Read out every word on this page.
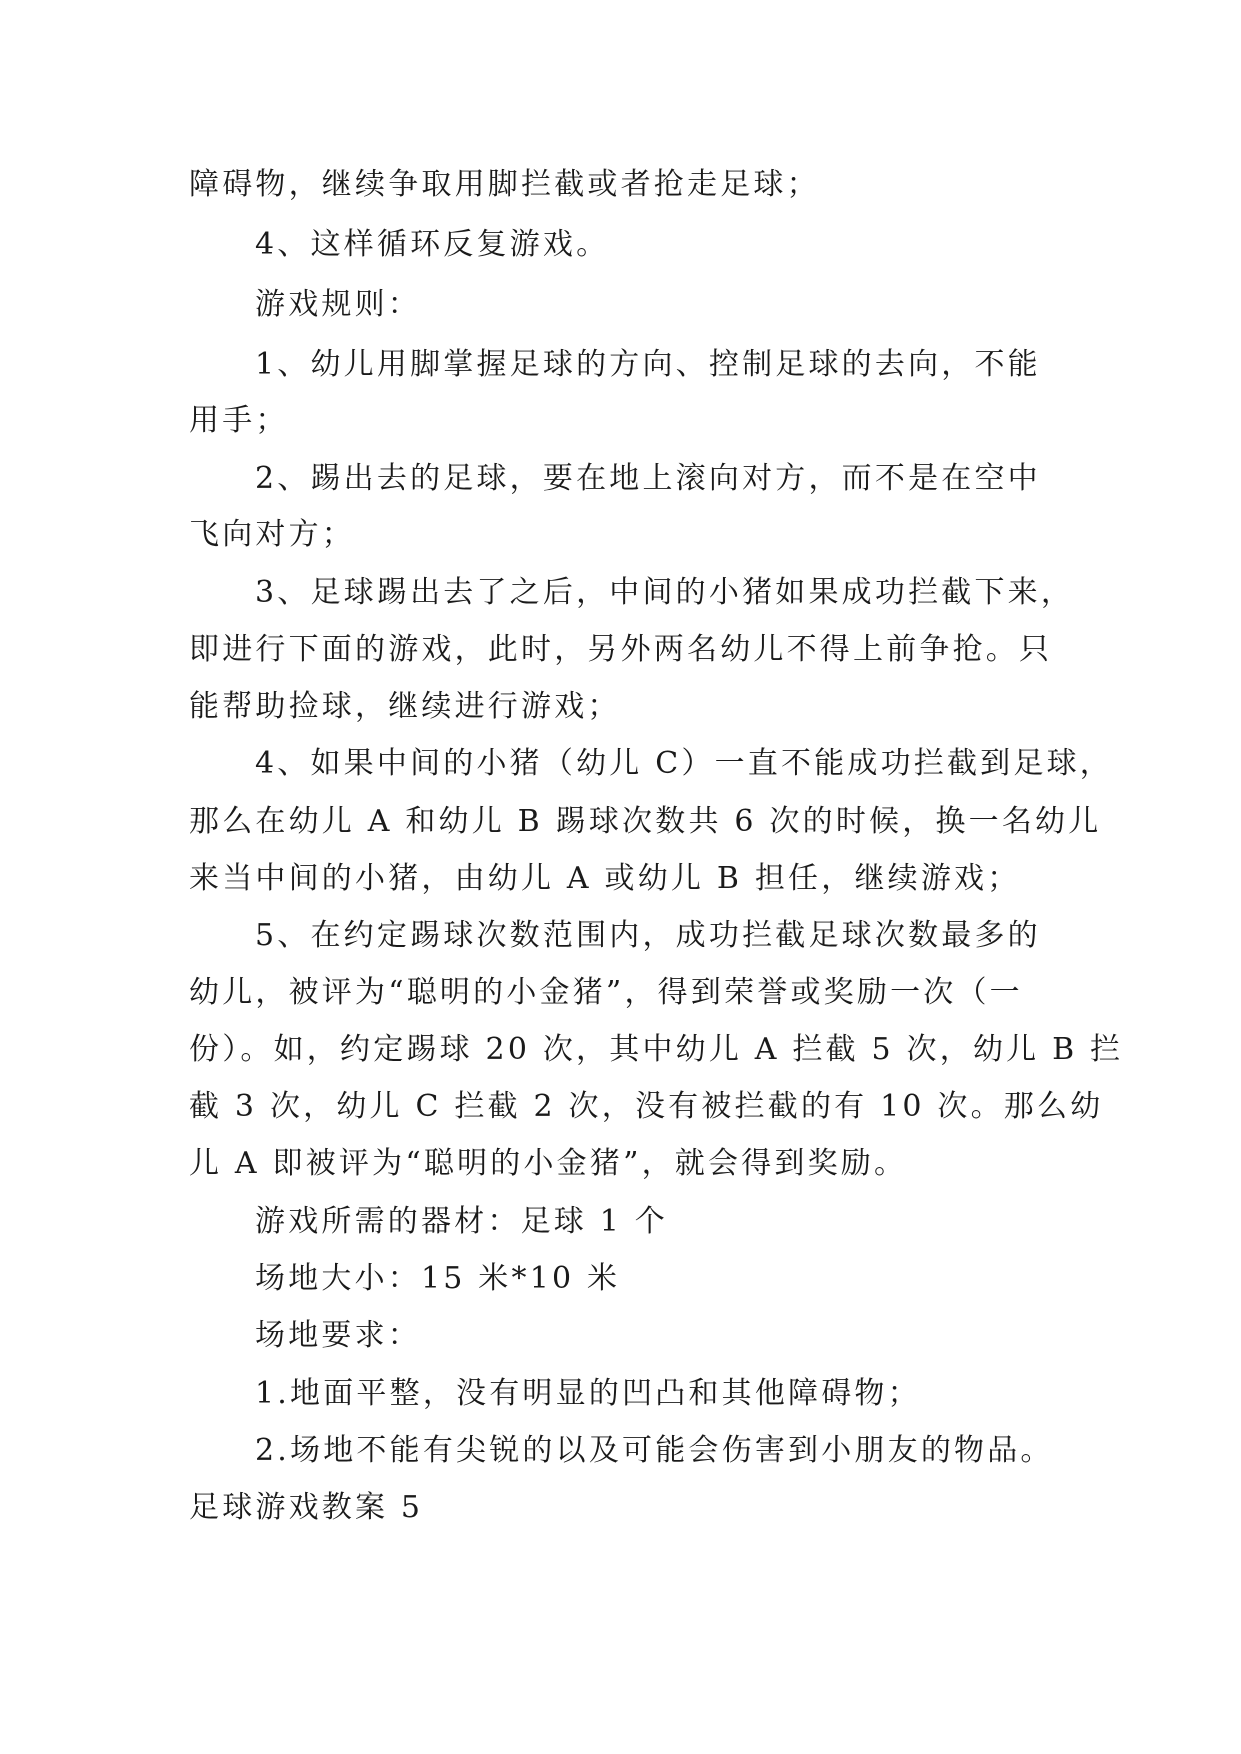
障碍物，继续争取用脚拦截或者抢走足球；
4、这样循环反复游戏。
游戏规则：
1、幼儿用脚掌握足球的方向、控制足球的去向，不能
用手；
2、踢出去的足球，要在地上滚向对方，而不是在空中
飞向对方；
3、足球踢出去了之后，中间的小猪如果成功拦截下来，
即进行下面的游戏，此时，另外两名幼儿不得上前争抢。只
能帮助捡球，继续进行游戏；
4、如果中间的小猪（幼儿 C）一直不能成功拦截到足球，
那么在幼儿 A 和幼儿 B 踢球次数共 6 次的时候，换一名幼儿
来当中间的小猪，由幼儿 A 或幼儿 B 担任，继续游戏；
5、在约定踢球次数范围内，成功拦截足球次数最多的
幼儿，被评为“聪明的小金猪”，得到荣誉或奖励一次（一
份）。如，约定踢球 20 次，其中幼儿 A 拦截 5 次，幼儿 B 拦
截 3 次，幼儿 C 拦截 2 次，没有被拦截的有 10 次。那么幼
儿 A 即被评为“聪明的小金猪”，就会得到奖励。
游戏所需的器材：足球 1 个
场地大小：15 米*10 米
场地要求：
1.地面平整，没有明显的凹凸和其他障碍物；
2.场地不能有尖锐的以及可能会伤害到小朋友的物品。
足球游戏教案 5
